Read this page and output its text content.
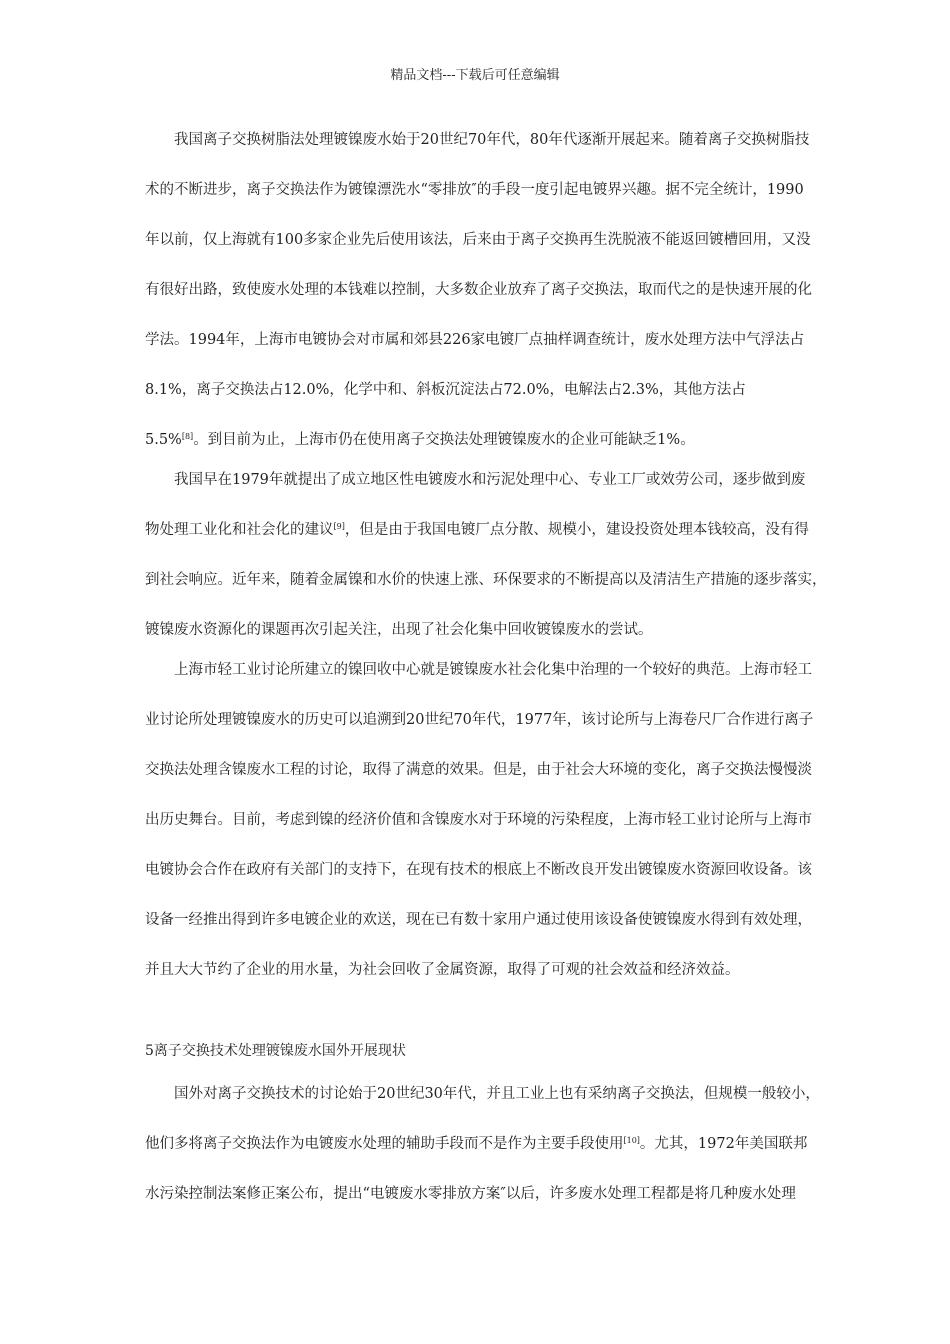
精品文档---下载后可任意编辑
我国离子交换树脂法处理镀镍废水始于20世纪70年代，80年代逐渐开展起来。随着离子交换树脂技
术的不断进步，离子交换法作为镀镍漂洗水“零排放″的手段一度引起电镀界兴趣。据不完全统计，1990
年以前，仅上海就有100多家企业先后使用该法，后来由于离子交换再生洗脱液不能返回镀槽回用，又没
有很好出路，致使废水处理的本钱难以控制，大多数企业放弃了离子交换法，取而代之的是快速开展的化
学法。1994年，上海市电镀协会对市属和郊县226家电镀厂点抽样调查统计，废水处理方法中气浮法占
8.1%，离子交换法占12.0%，化学中和、斜板沉淀法占72.0%，电解法占2.3%，其他方法占
5.5%[8]。到目前为止，上海市仍在使用离子交换法处理镀镍废水的企业可能缺乏1%。
我国早在1979年就提出了成立地区性电镀废水和污泥处理中心、专业工厂或效劳公司，逐步做到废
物处理工业化和社会化的建议[9]，但是由于我国电镀厂点分散、规模小，建设投资处理本钱较高，没有得
到社会响应。近年来，随着金属镍和水价的快速上涨、环保要求的不断提高以及清洁生产措施的逐步落实，
镀镍废水资源化的课题再次引起关注，出现了社会化集中回收镀镍废水的尝试。
上海市轻工业讨论所建立的镍回收中心就是镀镍废水社会化集中治理的一个较好的典范。上海市轻工
业讨论所处理镀镍废水的历史可以追溯到20世纪70年代，1977年，该讨论所与上海卷尺厂合作进行离子
交换法处理含镍废水工程的讨论，取得了满意的效果。但是，由于社会大环境的变化，离子交换法慢慢淡
出历史舞台。目前，考虑到镍的经济价值和含镍废水对于环境的污染程度，上海市轻工业讨论所与上海市
电镀协会合作在政府有关部门的支持下，在现有技术的根底上不断改良开发出镀镍废水资源回收设备。该
设备一经推出得到许多电镀企业的欢送，现在已有数十家用户通过使用该设备使镀镍废水得到有效处理，
并且大大节约了企业的用水量，为社会回收了金属资源，取得了可观的社会效益和经济效益。
5离子交换技术处理镀镍废水国外开展现状
国外对离子交换技术的讨论始于20世纪30年代，并且工业上也有采纳离子交换法，但规模一般较小，
他们多将离子交换法作为电镀废水处理的辅助手段而不是作为主要手段使用[10]。尤其，1972年美国联邦
水污染控制法案修正案公布，提出“电镀废水零排放方案″以后，许多废水处理工程都是将几种废水处理
